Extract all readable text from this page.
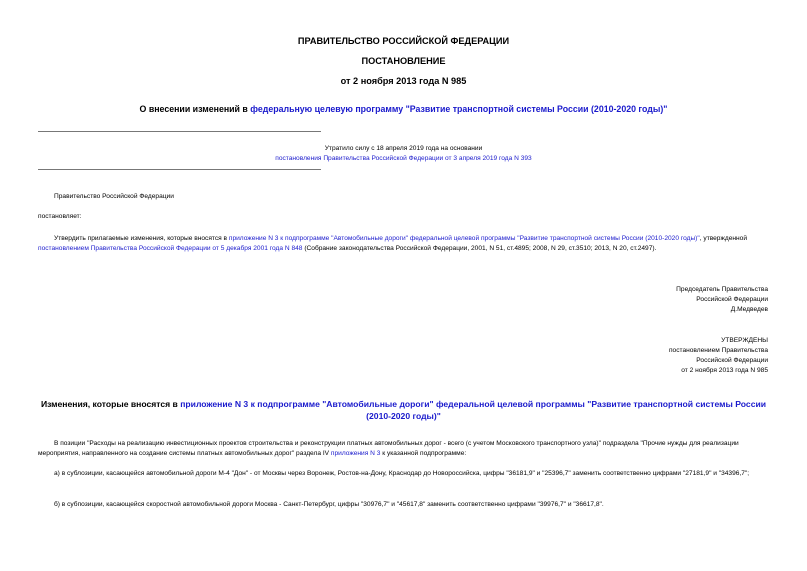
ПРАВИТЕЛЬСТВО РОССИЙСКОЙ ФЕДЕРАЦИИ
ПОСТАНОВЛЕНИЕ
от 2 ноября 2013 года N 985
О внесении изменений в федеральную целевую программу "Развитие транспортной системы России (2010-2020 годы)"
Утратило силу с 18 апреля 2019 года на основании
постановления Правительства Российской Федерации от 3 апреля 2019 года N 393
Правительство Российской Федерации
постановляет:
Утвердить прилагаемые изменения, которые вносятся в приложение N 3 к подпрограмме "Автомобильные дороги" федеральной целевой программы "Развитие транспортной системы России (2010-2020 годы)", утвержденной постановлением Правительства Российской Федерации от 5 декабря 2001 года N 848 (Собрание законодательства Российской Федерации, 2001, N 51, ст.4895; 2008, N 29, ст.3510; 2013, N 20, ст.2497).
Председатель Правительства
Российской Федерации
Д.Медведев
УТВЕРЖДЕНЫ
постановлением Правительства
Российской Федерации
от 2 ноября 2013 года N 985
Изменения, которые вносятся в приложение N 3 к подпрограмме "Автомобильные дороги" федеральной целевой программы "Развитие транспортной системы России (2010-2020 годы)"
В позиции "Расходы на реализацию инвестиционных проектов строительства и реконструкции платных автомобильных дорог - всего (с учетом Московского транспортного узла)" подраздела "Прочие нужды для реализации мероприятия, направленного на создание системы платных автомобильных дорог" раздела IV приложения N 3 к указанной подпрограмме:
а) в сублозиции, касающейся автомобильной дороги М-4 "Дон" - от Москвы через Воронеж, Ростов-на-Дону, Краснодар до Новороссийска, цифры "36181,9" и "25396,7" заменить соответственно цифрами "27181,9" и "34396,7";
б) в субпозиции, касающейся скоростной автомобильной дороги Москва - Санкт-Петербург, цифры "30976,7" и "45617,8" заменить соответственно цифрами "39976,7" и "36617,8".
